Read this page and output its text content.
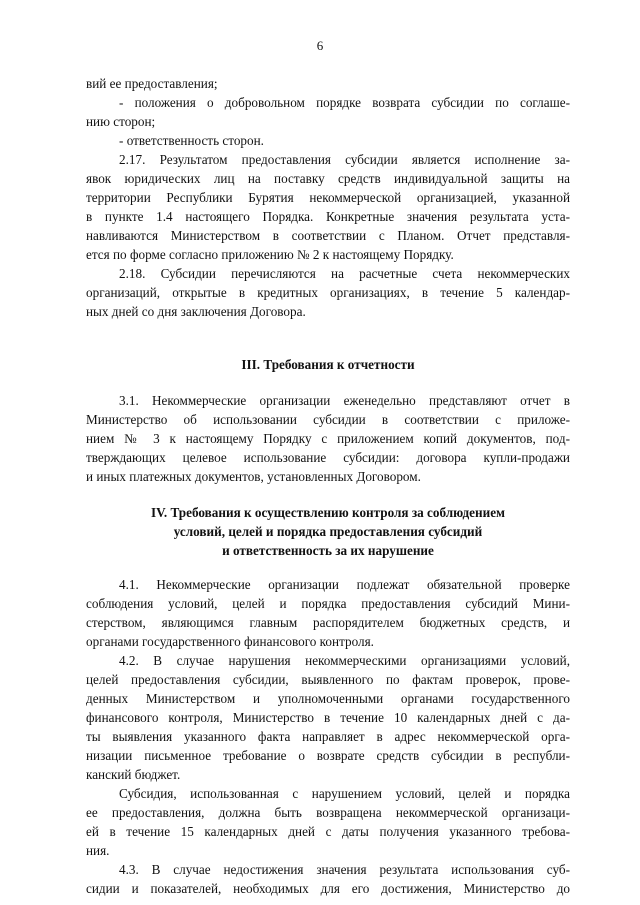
6
вий ее предоставления;
- положения о добровольном порядке возврата субсидии по соглаше-
нию сторон;
- ответственность сторон.
2.17. Результатом предоставления субсидии является исполнение за-
явок юридических лиц на поставку средств индивидуальной защиты на
территории Республики Бурятия некоммерческой организацией, указанной
в пункте 1.4 настоящего Порядка. Конкретные значения результата уста-
навливаются Министерством в соответствии с Планом. Отчет представля-
ется по форме согласно приложению № 2 к настоящему Порядку.
2.18. Субсидии перечисляются на расчетные счета некоммерческих
организаций, открытые в кредитных организациях, в течение 5 календар-
ных дней со дня заключения Договора.
III. Требования к отчетности
3.1. Некоммерческие организации еженедельно представляют отчет в
Министерство об использовании субсидии в соответствии с приложе-
нием № 3 к настоящему Порядку с приложением копий документов, под-
тверждающих целевое использование субсидии: договора купли-продажи
и иных платежных документов, установленных Договором.
IV. Требования к осуществлению контроля за соблюдением
условий, целей и порядка предоставления субсидий
и ответственность за их нарушение
4.1. Некоммерческие организации подлежат обязательной проверке
соблюдения условий, целей и порядка предоставления субсидий Мини-
стерством, являющимся главным распорядителем бюджетных средств, и
органами государственного финансового контроля.
4.2. В случае нарушения некоммерческими организациями условий,
целей предоставления субсидии, выявленного по фактам проверок, прове-
денных Министерством и уполномоченными органами государственного
финансового контроля, Министерство в течение 10 календарных дней с да-
ты выявления указанного факта направляет в адрес некоммерческой орга-
низации письменное требование о возврате средств субсидии в республи-
канский бюджет.
Субсидия, использованная с нарушением условий, целей и порядка
ее предоставления, должна быть возвращена некоммерческой организаци-
ей в течение 15 календарных дней с даты получения указанного требова-
ния.
4.3. В случае недостижения значения результата использования суб-
сидии и показателей, необходимых для его достижения, Министерство до
